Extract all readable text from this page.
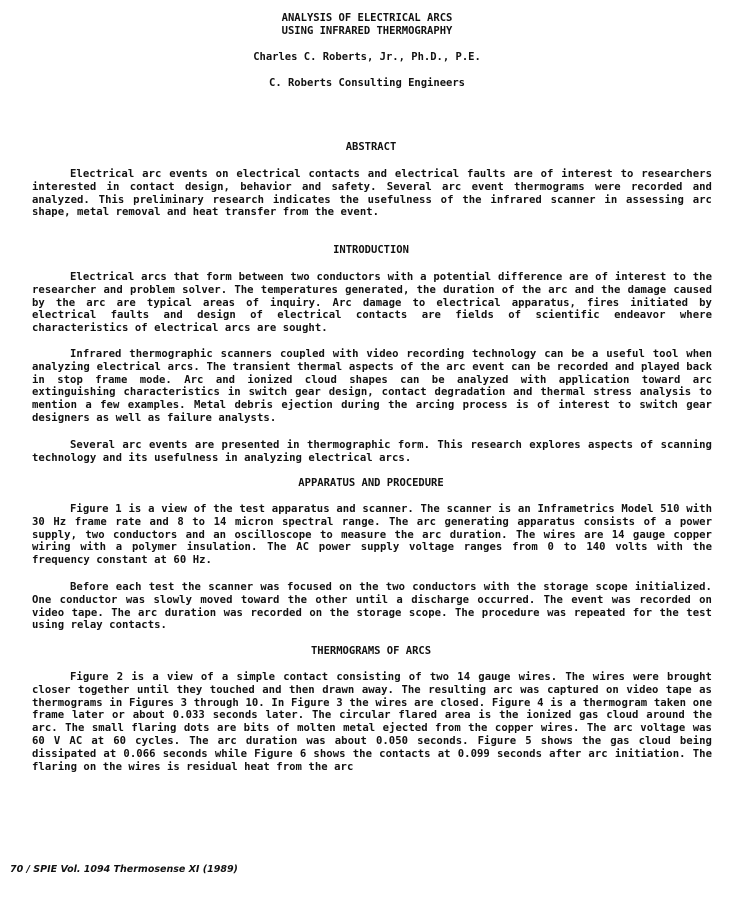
ANALYSIS OF ELECTRICAL ARCS
USING INFRARED THERMOGRAPHY
Charles C. Roberts, Jr., Ph.D., P.E.
C. Roberts Consulting Engineers
ABSTRACT
Electrical arc events on electrical contacts and electrical faults are of interest to researchers interested in contact design, behavior and safety. Several arc event thermograms were recorded and analyzed. This preliminary research indicates the usefulness of the infrared scanner in assessing arc shape, metal removal and heat transfer from the event.
INTRODUCTION
Electrical arcs that form between two conductors with a potential difference are of interest to the researcher and problem solver. The temperatures generated, the duration of the arc and the damage caused by the arc are typical areas of inquiry. Arc damage to electrical apparatus, fires initiated by electrical faults and design of electrical contacts are fields of scientific endeavor where characteristics of electrical arcs are sought.
Infrared thermographic scanners coupled with video recording technology can be a useful tool when analyzing electrical arcs. The transient thermal aspects of the arc event can be recorded and played back in stop frame mode. Arc and ionized cloud shapes can be analyzed with application toward arc extinguishing characteristics in switch gear design, contact degradation and thermal stress analysis to mention a few examples. Metal debris ejection during the arcing process is of interest to switch gear designers as well as failure analysts.
Several arc events are presented in thermographic form. This research explores aspects of scanning technology and its usefulness in analyzing electrical arcs.
APPARATUS AND PROCEDURE
Figure 1 is a view of the test apparatus and scanner. The scanner is an Inframetrics Model 510 with 30 Hz frame rate and 8 to 14 micron spectral range. The arc generating apparatus consists of a power supply, two conductors and an oscilloscope to measure the arc duration. The wires are 14 gauge copper wiring with a polymer insulation. The AC power supply voltage ranges from 0 to 140 volts with the frequency constant at 60 Hz.
Before each test the scanner was focused on the two conductors with the storage scope initialized. One conductor was slowly moved toward the other until a discharge occurred. The event was recorded on video tape. The arc duration was recorded on the storage scope. The procedure was repeated for the test using relay contacts.
THERMOGRAMS OF ARCS
Figure 2 is a view of a simple contact consisting of two 14 gauge wires. The wires were brought closer together until they touched and then drawn away. The resulting arc was captured on video tape as thermograms in Figures 3 through 10. In Figure 3 the wires are closed. Figure 4 is a thermogram taken one frame later or about 0.033 seconds later. The circular flared area is the ionized gas cloud around the arc. The small flaring dots are bits of molten metal ejected from the copper wires. The arc voltage was 60 V AC at 60 cycles. The arc duration was about 0.050 seconds. Figure 5 shows the gas cloud being dissipated at 0.066 seconds while Figure 6 shows the contacts at 0.099 seconds after arc initiation. The flaring on the wires is residual heat from the arc
70 / SPIE Vol. 1094 Thermosense XI (1989)
